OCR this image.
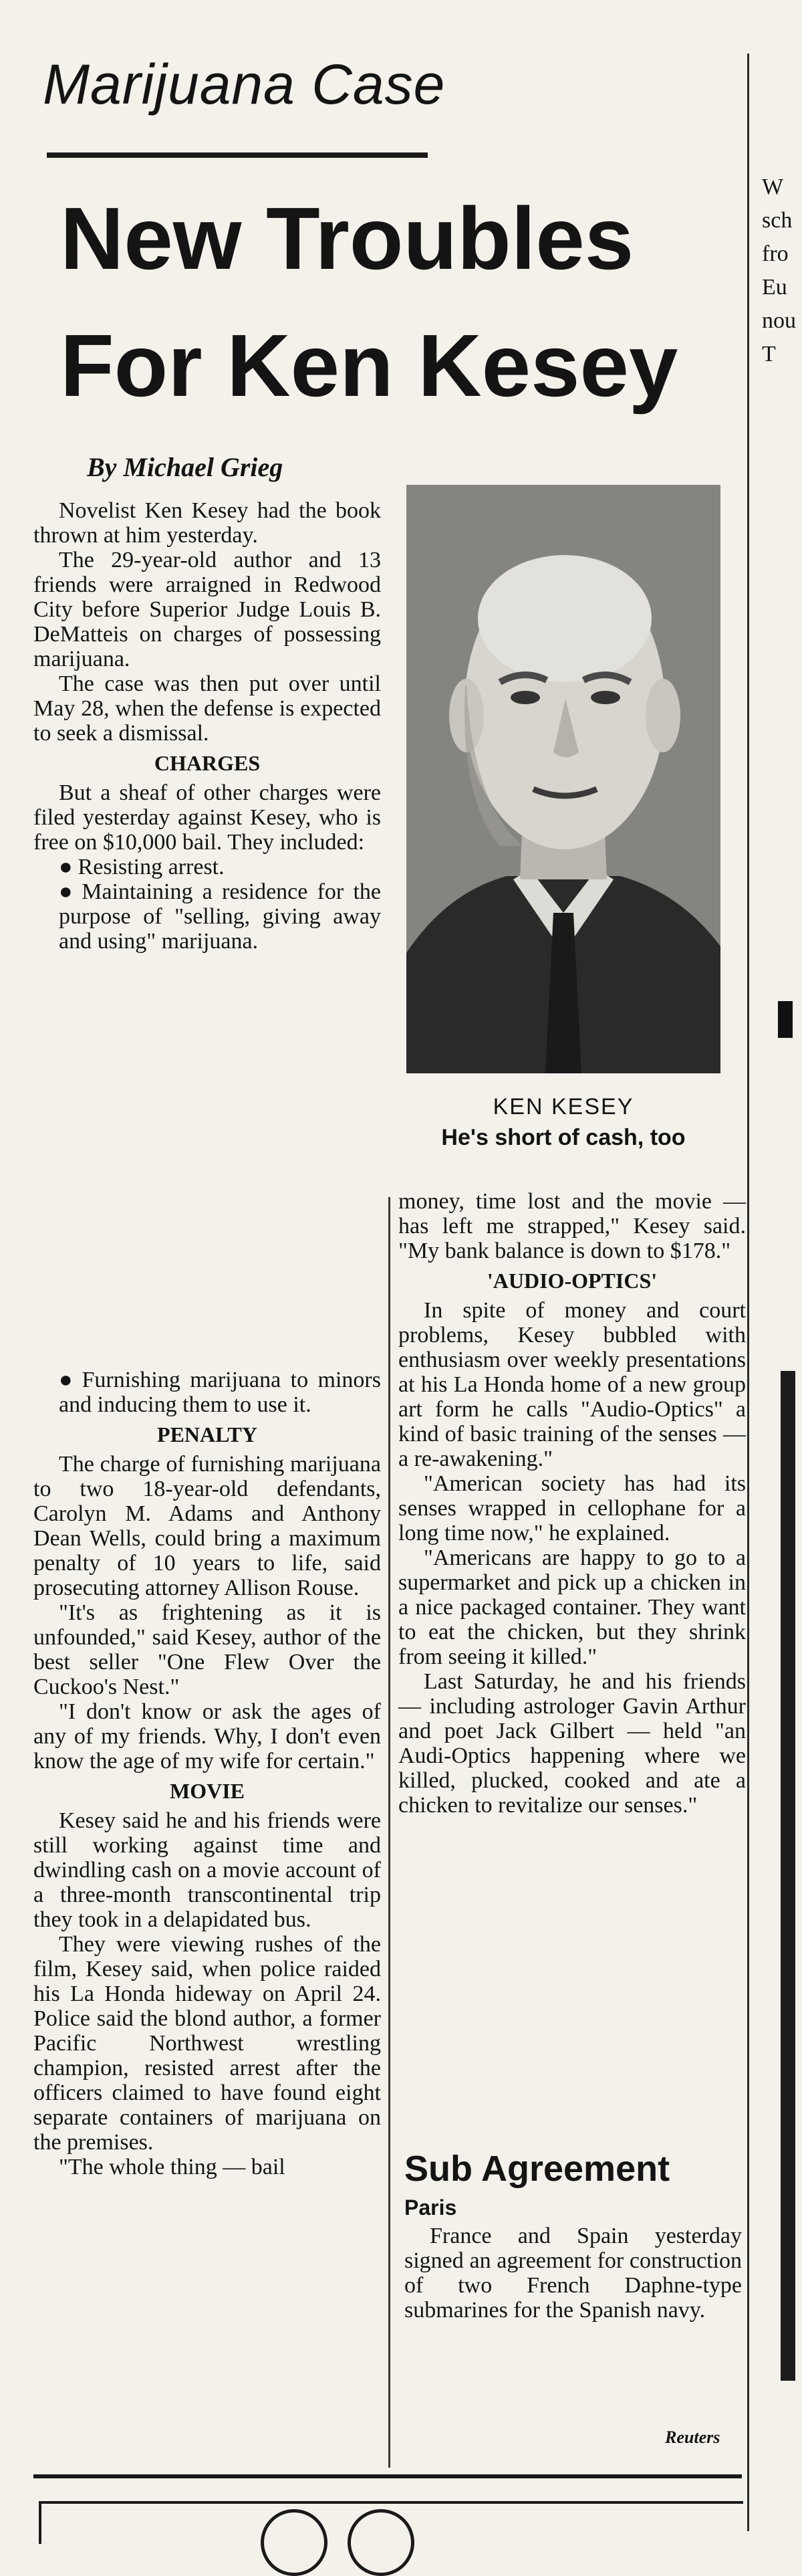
Marijuana Case
New Troubles
For Ken Kesey
By Michael Grieg

Novelist Ken Kesey had the book thrown at him yesterday.

The 29-year-old author and 13 friends were arraigned in Redwood City before Superior Judge Louis B. DeMatteis on charges of possessing marijuana.

The case was then put over until May 28, when the defense is expected to seek a dismissal.

CHARGES

But a sheaf of other charges were filed yesterday against Kesey, who is free on $10,000 bail. They included:

● Resisting arrest.

● Maintaining a residence for the purpose of "selling, giving away and using" marijuana.

● Furnishing marijuana to minors and inducing them to use it.

PENALTY

The charge of furnishing marijuana to two 18-year-old defendants, Carolyn M. Adams and Anthony Dean Wells, could bring a maximum penalty of 10 years to life, said prosecuting attorney Allison Rouse.

"It's as frightening as it is unfounded," said Kesey, author of the best seller "One Flew Over the Cuckoo's Nest."

"I don't know or ask the ages of any of my friends. Why, I don't even know the age of my wife for certain."

MOVIE

Kesey said he and his friends were still working against time and dwindling cash on a movie account of a three-month transcontinental trip they took in a delapidated bus.

They were viewing rushes of the film, Kesey said, when police raided his La Honda hideway on April 24. Police said the blond author, a former Pacific Northwest wrestling champion, resisted arrest after the officers claimed to have found eight separate containers of marijuana on the premises.

"The whole thing — bail

KEN KESEY
He's short of cash, too

money, time lost and the movie — has left me strapped," Kesey said. "My bank balance is down to $178."

'AUDIO-OPTICS'

In spite of money and court problems, Kesey bubbled with enthusiasm over weekly presentations at his La Honda home of a new group art form he calls "Audio-Optics" a kind of basic training of the senses — a re-awakening."

"American society has had its senses wrapped in cellophane for a long time now," he explained.

"Americans are happy to go to a supermarket and pick up a chicken in a nice packaged container. They want to eat the chicken, but they shrink from seeing it killed."

Last Saturday, he and his friends — including astrologer Gavin Arthur and poet Jack Gilbert — held "an Audi-Optics happening where we killed, plucked, cooked and ate a chicken to revitalize our senses."

Sub Agreement
Paris

France and Spain yesterday signed an agreement for construction of two French Daphne-type submarines for the Spanish navy.

Reuters
W
sch
fro
Eu
nou
T
